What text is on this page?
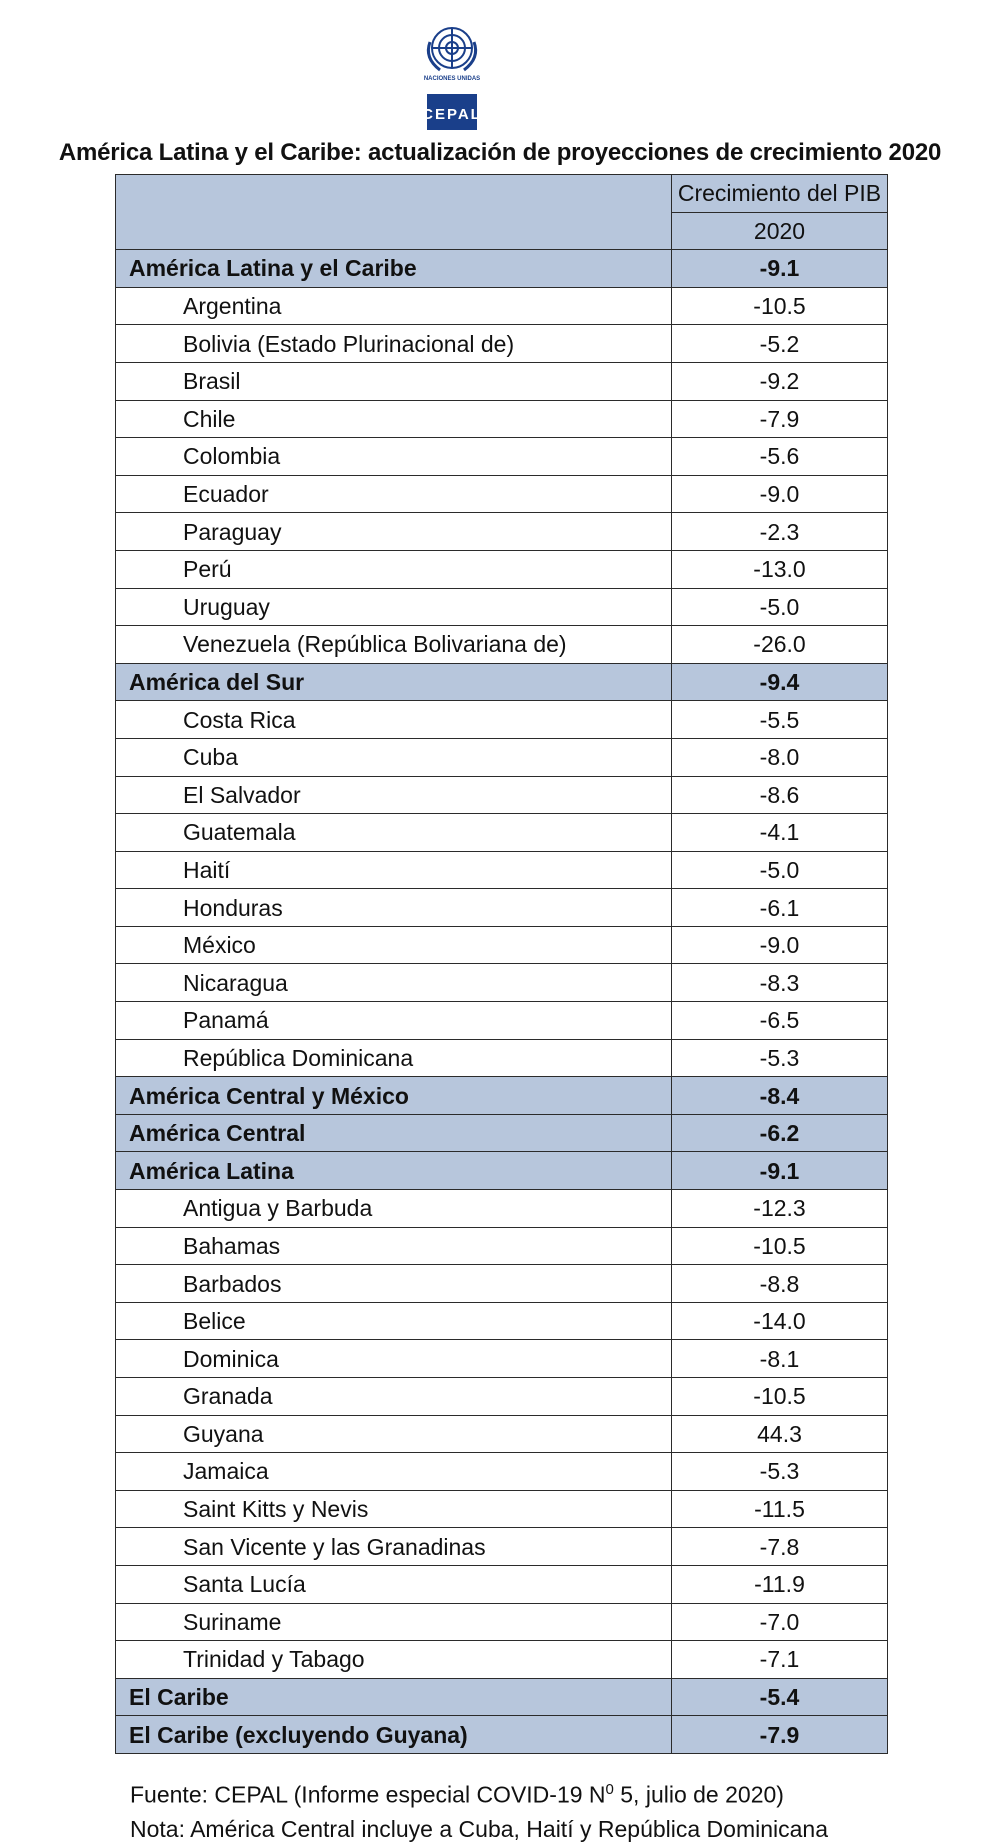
NACIONES UNIDAS
CEPAL
América Latina y el Caribe: actualización de proyecciones de crecimiento 2020
	Crecimiento del PIB
	2020
América Latina y el Caribe	-9.1
Argentina	-10.5
Bolivia (Estado Plurinacional de)	-5.2
Brasil	-9.2
Chile	-7.9
Colombia	-5.6
Ecuador	-9.0
Paraguay	-2.3
Perú	-13.0
Uruguay	-5.0
Venezuela (República Bolivariana de)	-26.0
América del Sur	-9.4
Costa Rica	-5.5
Cuba	-8.0
El Salvador	-8.6
Guatemala	-4.1
Haití	-5.0
Honduras	-6.1
México	-9.0
Nicaragua	-8.3
Panamá	-6.5
República Dominicana	-5.3
América Central y México	-8.4
América Central	-6.2
América Latina	-9.1
Antigua y Barbuda	-12.3
Bahamas	-10.5
Barbados	-8.8
Belice	-14.0
Dominica	-8.1
Granada	-10.5
Guyana	44.3
Jamaica	-5.3
Saint Kitts y Nevis	-11.5
San Vicente y las Granadinas	-7.8
Santa Lucía	-11.9
Suriname	-7.0
Trinidad y Tabago	-7.1
El Caribe	-5.4
El Caribe (excluyendo Guyana)	-7.9
Fuente: CEPAL (Informe especial COVID-19 $N^0$ 5, julio de 2020)
Nota: América Central incluye a Cuba, Haití y República Dominicana
